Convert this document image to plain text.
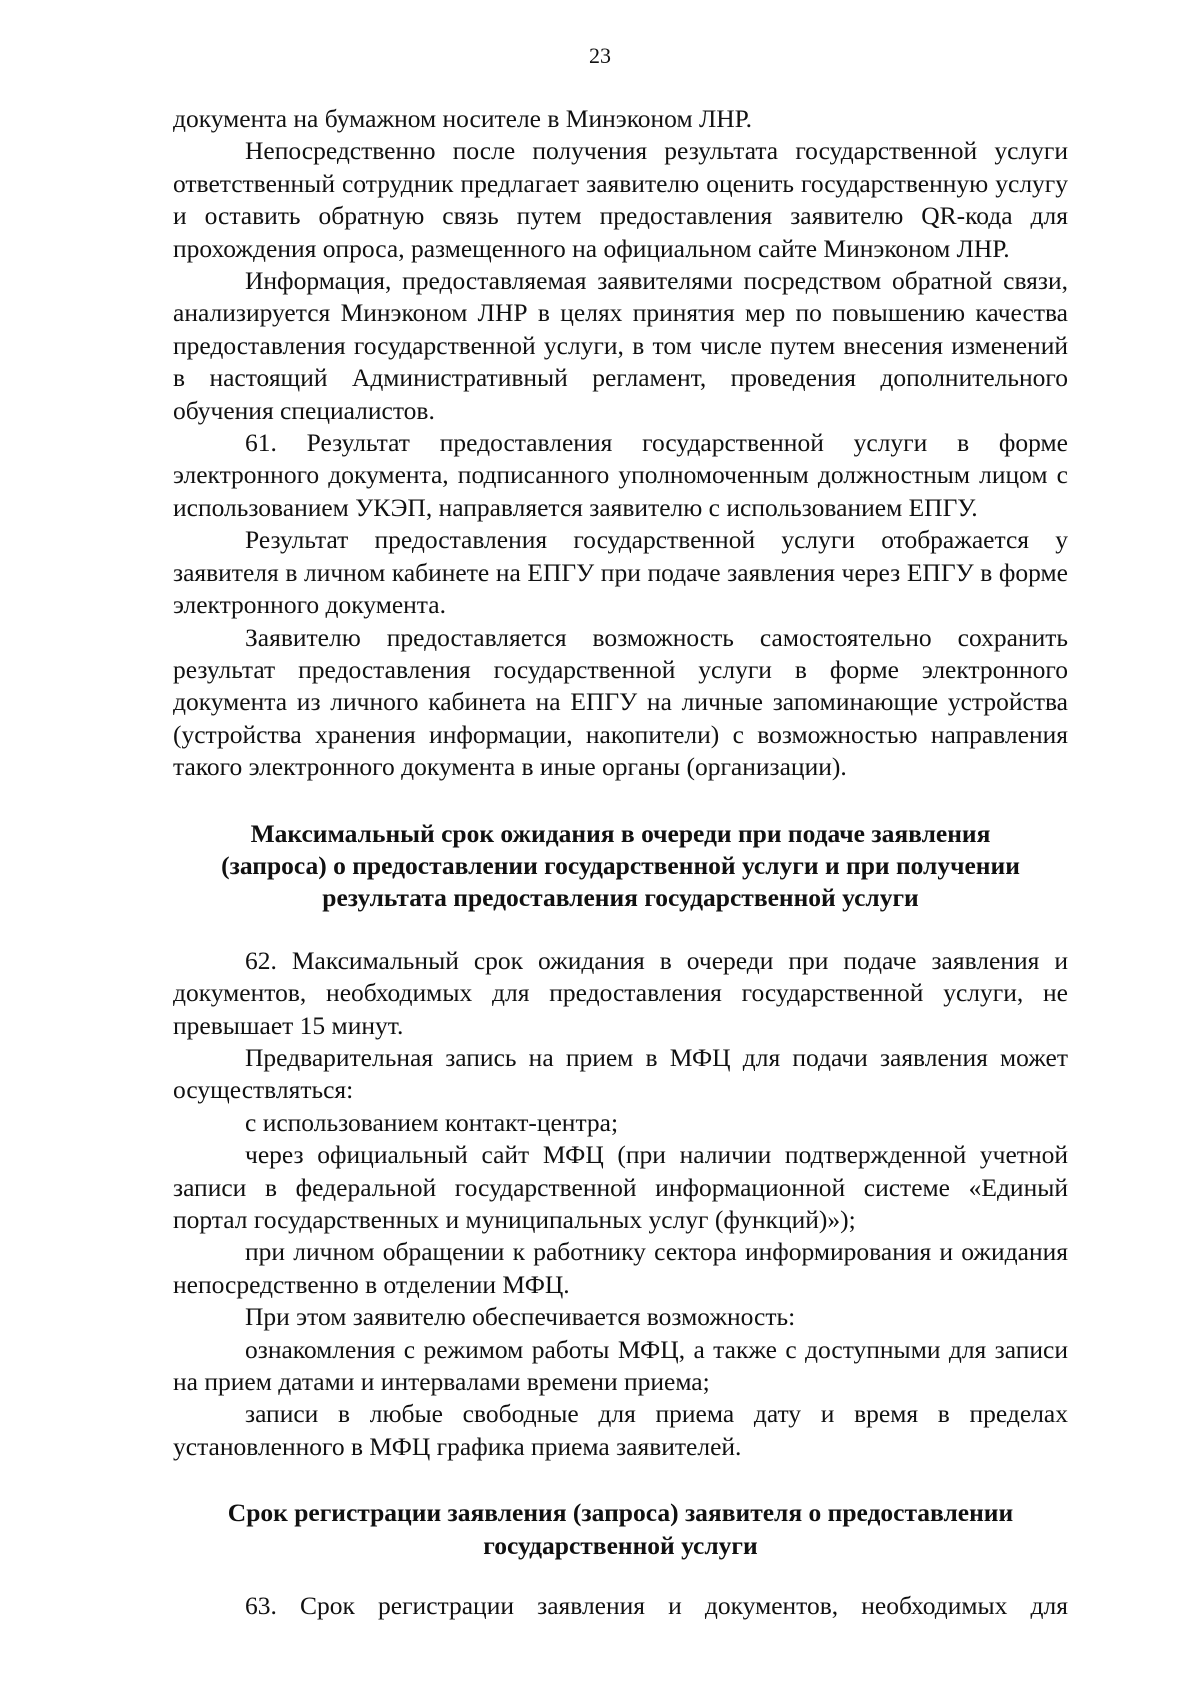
23

документа на бумажном носителе в Минэконом ЛНР.

Непосредственно после получения результата государственной услуги ответственный сотрудник предлагает заявителю оценить государственную услугу и оставить обратную связь путем предоставления заявителю QR-кода для прохождения опроса, размещенного на официальном сайте Минэконом ЛНР.

Информация, предоставляемая заявителями посредством обратной связи, анализируется Минэконом ЛНР в целях принятия мер по повышению качества предоставления государственной услуги, в том числе путем внесения изменений в настоящий Административный регламент, проведения дополнительного обучения специалистов.

61. Результат предоставления государственной услуги в форме электронного документа, подписанного уполномоченным должностным лицом с использованием УКЭП, направляется заявителю с использованием ЕПГУ.

Результат предоставления государственной услуги отображается у заявителя в личном кабинете на ЕПГУ при подаче заявления через ЕПГУ в форме электронного документа.

Заявителю предоставляется возможность самостоятельно сохранить результат предоставления государственной услуги в форме электронного документа из личного кабинета на ЕПГУ на личные запоминающие устройства (устройства хранения информации, накопители) с возможностью направления такого электронного документа в иные органы (организации).

Максимальный срок ожидания в очереди при подаче заявления
(запроса) о предоставлении государственной услуги и при получении
результата предоставления государственной услуги

62. Максимальный срок ожидания в очереди при подаче заявления и документов, необходимых для предоставления государственной услуги, не превышает 15 минут.

Предварительная запись на прием в МФЦ для подачи заявления может осуществляться:

с использованием контакт-центра;

через официальный сайт МФЦ (при наличии подтвержденной учетной записи в федеральной государственной информационной системе «Единый портал государственных и муниципальных услуг (функций)»);

при личном обращении к работнику сектора информирования и ожидания непосредственно в отделении МФЦ.

При этом заявителю обеспечивается возможность:

ознакомления с режимом работы МФЦ, а также с доступными для записи на прием датами и интервалами времени приема;

записи в любые свободные для приема дату и время в пределах установленного в МФЦ графика приема заявителей.

Срок регистрации заявления (запроса) заявителя о предоставлении
государственной услуги

63. Срок регистрации заявления и документов, необходимых для
